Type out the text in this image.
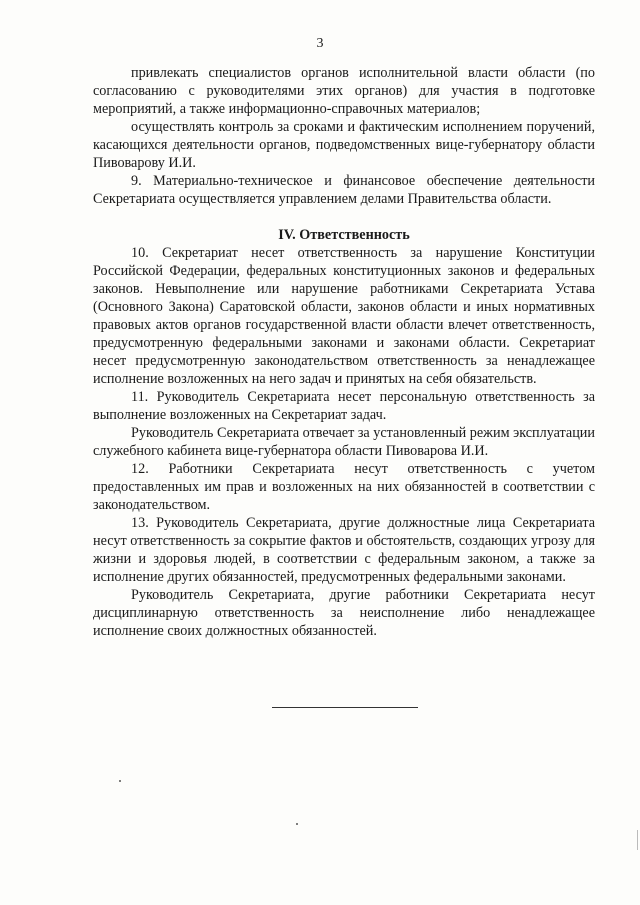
3

привлекать специалистов органов исполнительной власти области (по согласованию с руководителями этих органов) для участия в подготовке мероприятий, а также информационно-справочных материалов;

осуществлять контроль за сроками и фактическим исполнением поручений, касающихся деятельности органов, подведомственных вице-губернатору области Пивоварову И.И.

9. Материально-техническое и финансовое обеспечение деятельности Секретариата осуществляется управлением делами Правительства области.

IV. Ответственность

10. Секретариат несет ответственность за нарушение Конституции Российской Федерации, федеральных конституционных законов и федеральных законов. Невыполнение или нарушение работниками Секретариата Устава (Основного Закона) Саратовской области, законов области и иных нормативных правовых актов органов государственной власти области влечет ответственность, предусмотренную федеральными законами и законами области. Секретариат несет предусмотренную законодательством ответственность за ненадлежащее исполнение возложенных на него задач и принятых на себя обязательств.

11. Руководитель Секретариата несет персональную ответственность за выполнение возложенных на Секретариат задач.

Руководитель Секретариата отвечает за установленный режим эксплуатации служебного кабинета вице-губернатора области Пивоварова И.И.

12. Работники Секретариата несут ответственность с учетом предоставленных им прав и возложенных на них обязанностей в соответствии с законодательством.

13. Руководитель Секретариата, другие должностные лица Секретариата несут ответственность за сокрытие фактов и обстоятельств, создающих угрозу для жизни и здоровья людей, в соответствии с федеральным законом, а также за исполнение других обязанностей, предусмотренных федеральными законами.

Руководитель Секретариата, другие работники Секретариата несут дисциплинарную ответственность за неисполнение либо ненадлежащее исполнение своих должностных обязанностей.
